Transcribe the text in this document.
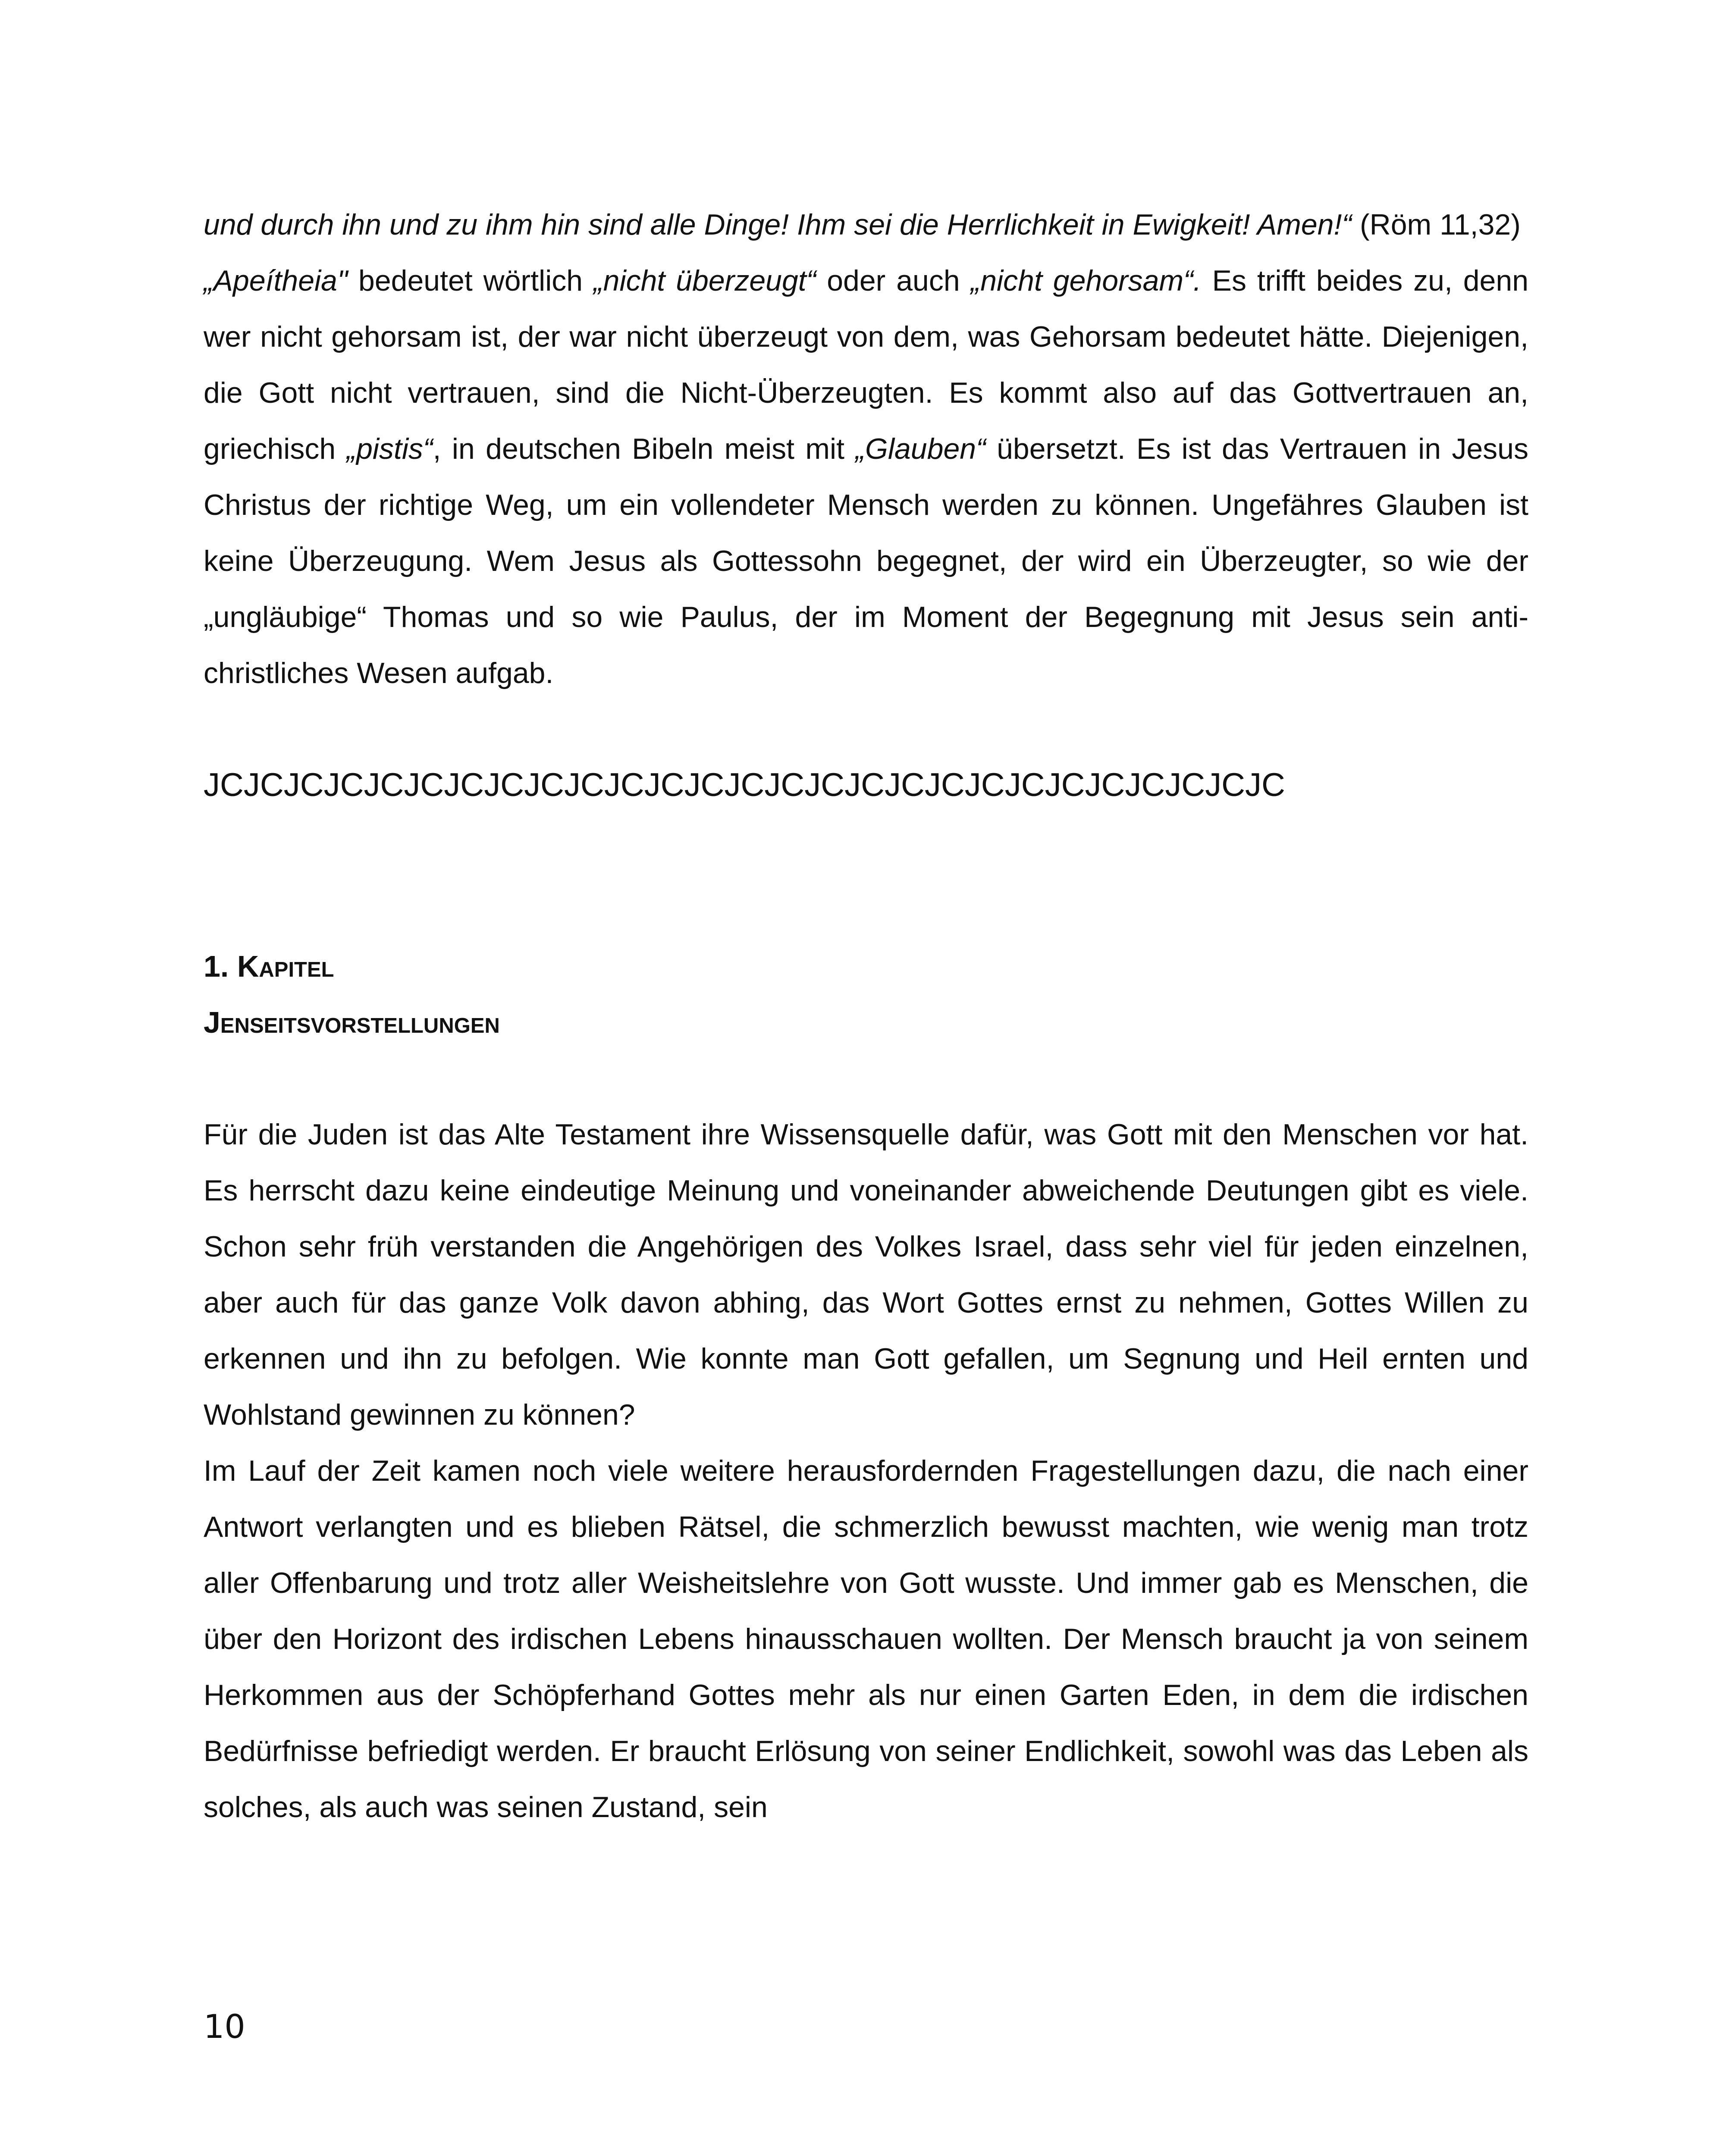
und durch ihn und zu ihm hin sind alle Dinge! Ihm sei die Herrlichkeit in Ewigkeit! Amen!“ (Röm 11,32)

„Apeítheia" bedeutet wörtlich „nicht überzeugt“ oder auch „nicht gehorsam“. Es trifft beides zu, denn wer nicht gehorsam ist, der war nicht überzeugt von dem, was Gehorsam bedeutet hätte. Diejenigen, die Gott nicht vertrauen, sind die Nicht-Überzeugten. Es kommt also auf das Gottvertrauen an, griechisch „pistis“, in deutschen Bibeln meist mit „Glauben“ übersetzt. Es ist das Vertrauen in Jesus Christus der richtige Weg, um ein vollendeter Mensch werden zu können. Ungefähres Glauben ist keine Überzeugung. Wem Jesus als Gottessohn begegnet, der wird ein Überzeugter, so wie der „ungläubige“ Thomas und so wie Paulus, der im Moment der Begegnung mit Jesus sein anti-christliches Wesen aufgab.

JCJCJCJCJCJCJCJCJCJCJCJCJCJCJCJCJCJCJCJCJCJCJCJCJCJCJC

1. Kapitel

Jenseitsvorstellungen

Für die Juden ist das Alte Testament ihre Wissensquelle dafür, was Gott mit den Menschen vor hat. Es herrscht dazu keine eindeutige Meinung und voneinander abweichende Deutungen gibt es viele. Schon sehr früh verstanden die Angehörigen des Volkes Israel, dass sehr viel für jeden einzelnen, aber auch für das ganze Volk davon abhing, das Wort Gottes ernst zu nehmen, Gottes Willen zu erkennen und ihn zu befolgen. Wie konnte man Gott gefallen, um Segnung und Heil ernten und Wohlstand gewinnen zu können?

Im Lauf der Zeit kamen noch viele weitere herausfordernden Fragestellungen dazu, die nach einer Antwort verlangten und es blieben Rätsel, die schmerzlich bewusst machten, wie wenig man trotz aller Offenbarung und trotz aller Weisheitslehre von Gott wusste. Und immer gab es Menschen, die über den Horizont des irdischen Lebens hinausschauen wollten. Der Mensch braucht ja von seinem Herkommen aus der Schöpferhand Gottes mehr als nur einen Garten Eden, in dem die irdischen Bedürfnisse befriedigt werden. Er braucht Erlösung von seiner Endlichkeit, sowohl was das Leben als solches, als auch was seinen Zustand, sein

10
